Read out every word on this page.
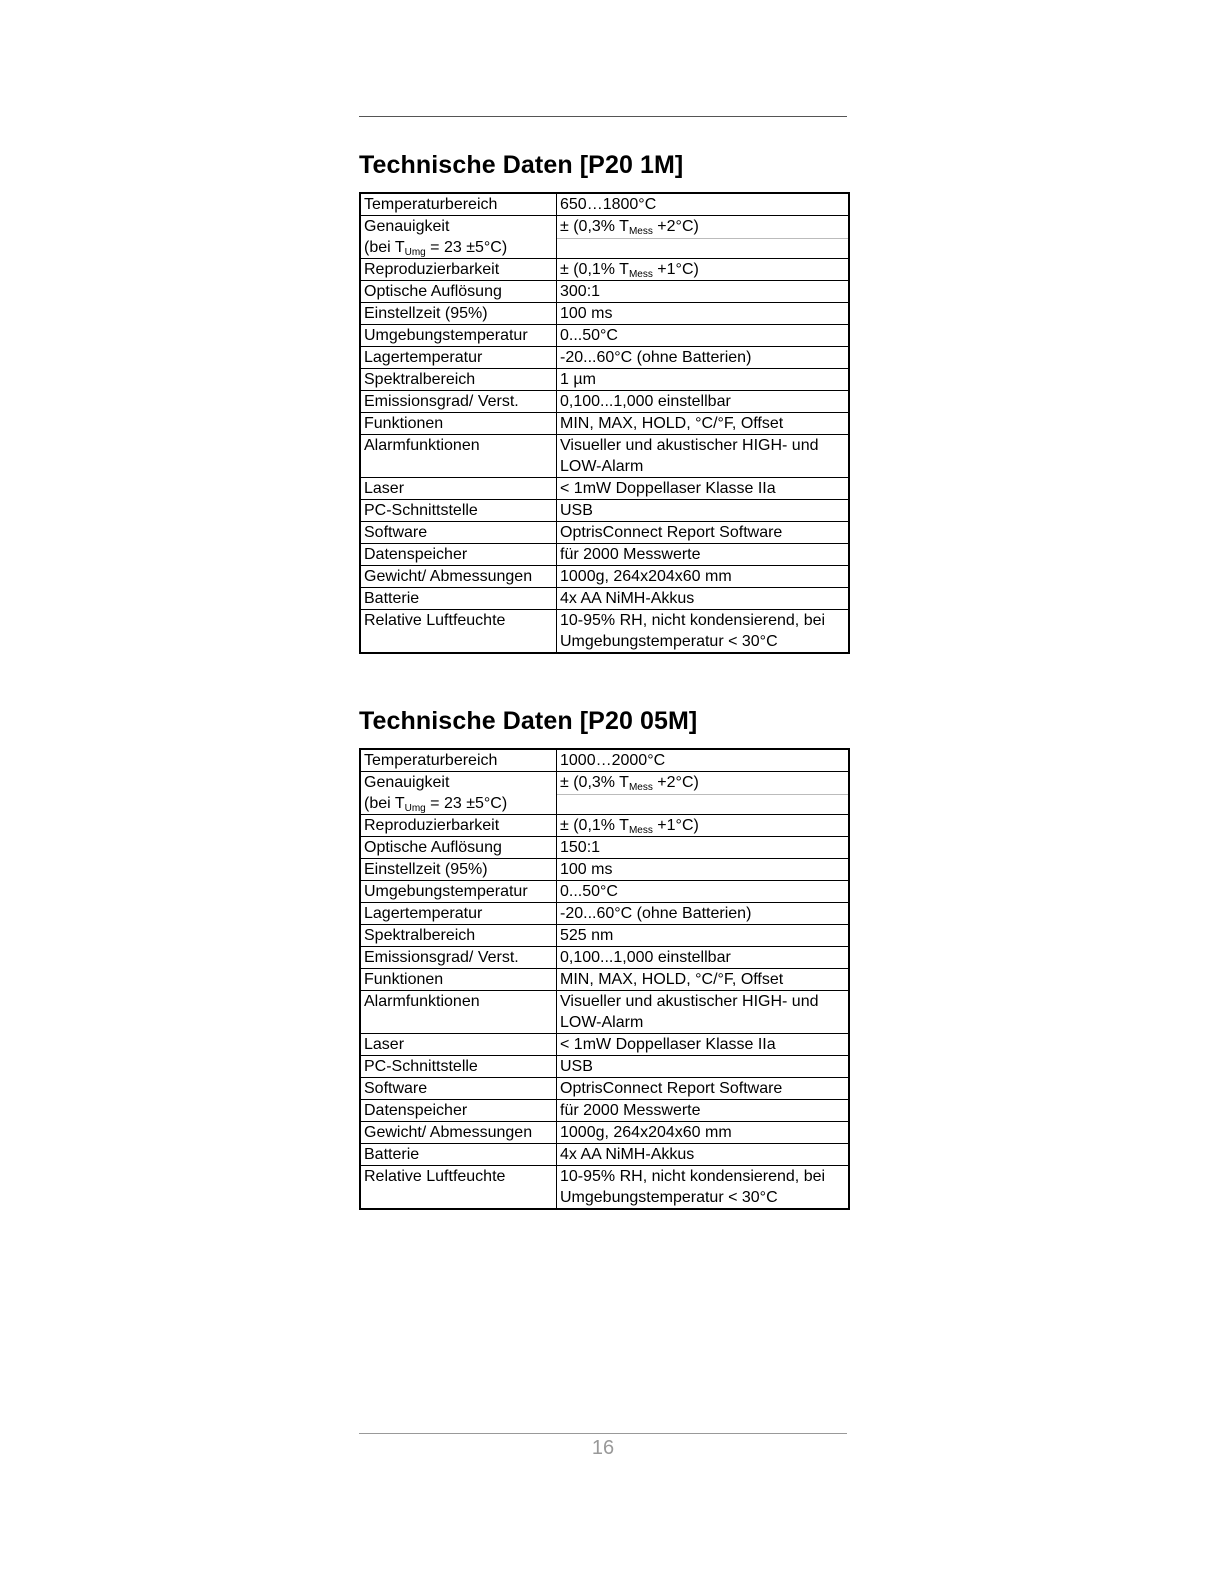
Technische Daten [P20 1M]
Temperaturbereich	650…1800°C
Genauigkeit
(bei $T_{Umg} = 23 \pm 5^\circ C$)	± (0,3% $T_{Mess} +2^\circ C$)

Reproduzierbarkeit	± (0,1% $T_{Mess} +1^\circ C$)
Optische Auflösung	300:1
Einstellzeit (95%)	100 ms
Umgebungstemperatur	0...50°C
Lagertemperatur	-20...60°C (ohne Batterien)
Spektralbereich	1 µm
Emissionsgrad/ Verst.	0,100...1,000 einstellbar
Funktionen	MIN, MAX, HOLD, °C/°F, Offset
Alarmfunktionen	Visueller und akustischer HIGH- und
LOW-Alarm

Laser	< 1mW Doppellaser Klasse IIa
PC-Schnittstelle	USB
Software	OptrisConnect Report Software
Datenspeicher	für 2000 Messwerte
Gewicht/ Abmessungen	1000g, 264x204x60 mm
Batterie	4x AA NiMH-Akkus
Relative Luftfeuchte	10-95% RH, nicht kondensierend, bei
Umgebungstemperatur < 30°C
Technische Daten [P20 05M]
Temperaturbereich	1000…2000°C
Genauigkeit
(bei $T_{Umg} = 23 \pm 5^\circ C$)	± (0,3% $T_{Mess} +2^\circ C$)

Reproduzierbarkeit	± (0,1% $T_{Mess} +1^\circ C$)
Optische Auflösung	150:1
Einstellzeit (95%)	100 ms
Umgebungstemperatur	0...50°C
Lagertemperatur	-20...60°C (ohne Batterien)
Spektralbereich	525 nm
Emissionsgrad/ Verst.	0,100...1,000 einstellbar
Funktionen	MIN, MAX, HOLD, °C/°F, Offset
Alarmfunktionen	Visueller und akustischer HIGH- und
LOW-Alarm

Laser	< 1mW Doppellaser Klasse IIa
PC-Schnittstelle	USB
Software	OptrisConnect Report Software
Datenspeicher	für 2000 Messwerte
Gewicht/ Abmessungen	1000g, 264x204x60 mm
Batterie	4x AA NiMH-Akkus
Relative Luftfeuchte	10-95% RH, nicht kondensierend, bei
Umgebungstemperatur < 30°C
16
